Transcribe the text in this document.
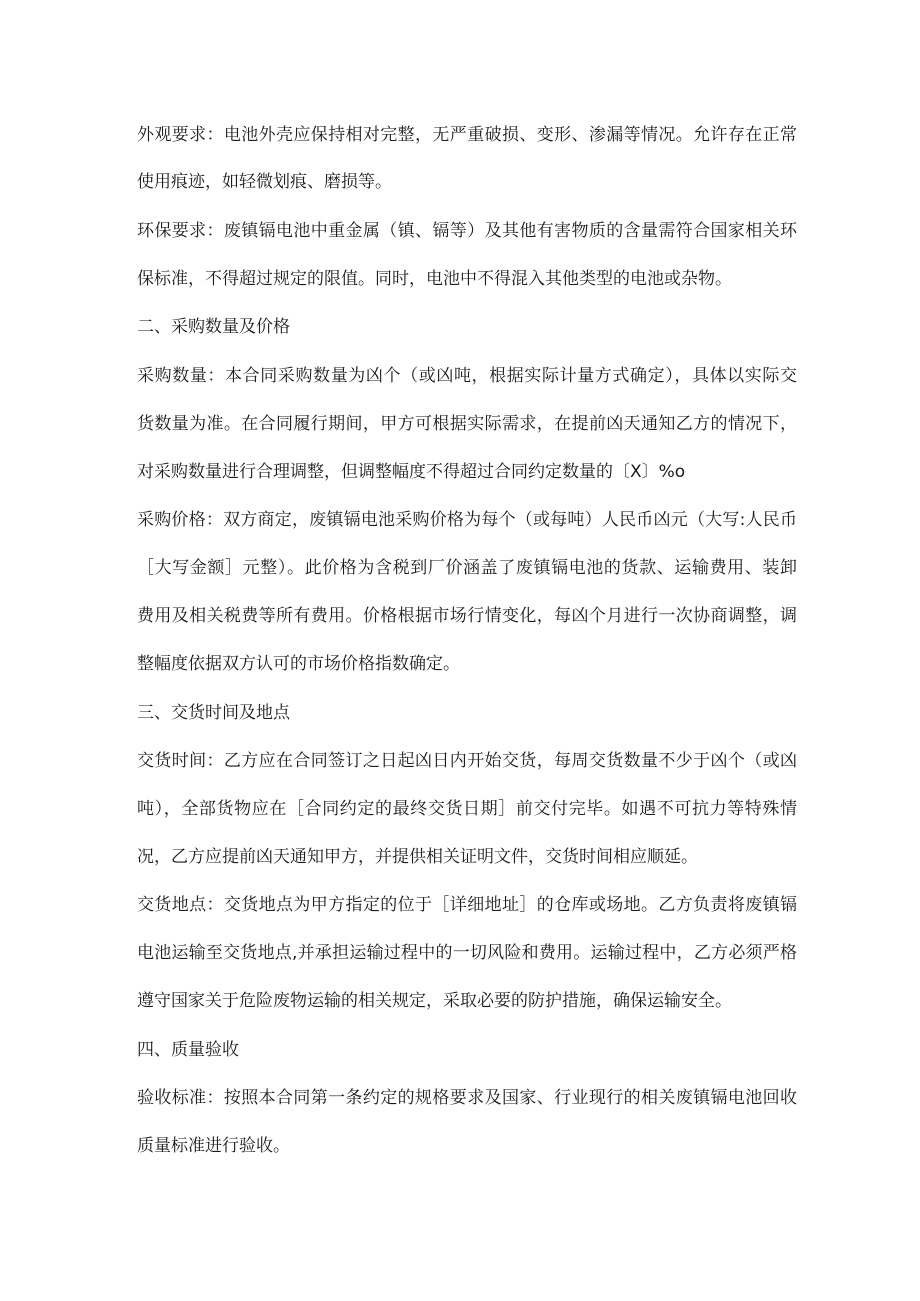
外观要求：电池外壳应保持相对完整，无严重破损、变形、渗漏等情况。允许存在正常
使用痕迹，如轻微划痕、磨损等。
环保要求：废镇镉电池中重金属（镇、镉等）及其他有害物质的含量需符合国家相关环
保标准，不得超过规定的限值。同时，电池中不得混入其他类型的电池或杂物。
二、采购数量及价格
采购数量：本合同采购数量为凶个（或凶吨，根据实际计量方式确定），具体以实际交
货数量为准。在合同履行期间，甲方可根据实际需求，在提前凶天通知乙方的情况下，
对采购数量进行合理调整，但调整幅度不得超过合同约定数量的〔X〕%o
采购价格：双方商定，废镇镉电池采购价格为每个（或每吨）人民币凶元（大写:人民币
［大写金额］元整）。此价格为含税到厂价涵盖了废镇镉电池的货款、运输费用、装卸
费用及相关税费等所有费用。价格根据市场行情变化，每凶个月进行一次协商调整，调
整幅度依据双方认可的市场价格指数确定。
三、交货时间及地点
交货时间：乙方应在合同签订之日起凶日内开始交货，每周交货数量不少于凶个（或凶
吨），全部货物应在［合同约定的最终交货日期］前交付完毕。如遇不可抗力等特殊情
况，乙方应提前凶天通知甲方，并提供相关证明文件，交货时间相应顺延。
交货地点：交货地点为甲方指定的位于［详细地址］的仓库或场地。乙方负责将废镇镉
电池运输至交货地点,并承担运输过程中的一切风险和费用。运输过程中，乙方必须严格
遵守国家关于危险废物运输的相关规定，采取必要的防护措施，确保运输安全。
四、质量验收
验收标准：按照本合同第一条约定的规格要求及国家、行业现行的相关废镇镉电池回收
质量标准进行验收。
